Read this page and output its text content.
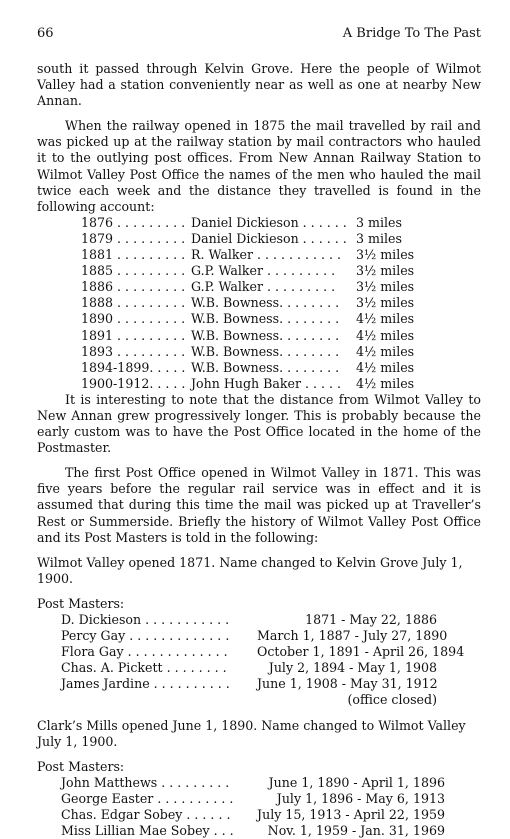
66	A Bridge To The Past

south it passed through Kelvin Grove. Here the people of Wilmot Valley had a station conveniently near as well as one at nearby New Annan.

When the railway opened in 1875 the mail travelled by rail and was picked up at the railway station by mail contractors who hauled it to the outlying post offices. From New Annan Railway Station to Wilmot Valley Post Office the names of the men who hauled the mail twice each week and the distance they travelled is found in the following account:

1876 . . . . . . . . . Daniel Dickieson . . . . . . 3 miles
1879 . . . . . . . . . Daniel Dickieson . . . . . . 3 miles
1881 . . . . . . . . . R. Walker . . . . . . . . . . .	3½ miles
1885 . . . . . . . . . G.P. Walker . . . . . . . . .	3½ miles
1886 . . . . . . . . . G.P. Walker . . . . . . . . .	3½ miles
1888 . . . . . . . . . W.B. Bowness. . . . . . . .	3½ miles
1890 . . . . . . . . . W.B. Bowness. . . . . . . .	4½ miles
1891 . . . . . . . . . W.B. Bowness. . . . . . . .	4½ miles
1893 . . . . . . . . . W.B. Bowness. . . . . . . .	4½ miles
1894-1899. . . . . W.B. Bowness. . . . . . . .	4½ miles
1900-1912. . . . . John Hugh Baker . . . . .	4½ miles

It is interesting to note that the distance from Wilmot Valley to New Annan grew progressively longer. This is probably because the early custom was to have the Post Office located in the home of the Postmaster.

The first Post Office opened in Wilmot Valley in 1871. This was five years before the regular rail service was in effect and it is assumed that during this time the mail was picked up at Traveller’s Rest or Summerside. Briefly the history of Wilmot Valley Post Office and its Post Masters is told in the following:

Wilmot Valley opened 1871. Name changed to Kelvin Grove July 1, 1900.
Post Masters:
D. Dickieson . . . . . . . . . . .	1871 - May 22, 1886
Percy Gay . . . . . . . . . . . . .	March 1, 1887 - July 27, 1890
Flora Gay . . . . . . . . . . . . .	October 1, 1891 - April 26, 1894
Chas. A. Pickett . . . . . . . .	July 2, 1894 - May 1, 1908
James Jardine . . . . . . . . . .	June 1, 1908 - May 31, 1912
(office closed)
Clark’s Mills opened June 1, 1890. Name changed to Wilmot Valley July 1, 1900.
Post Masters:
John Matthews . . . . . . . . .	June 1, 1890 - April 1, 1896
George Easter . . . . . . . . . .	July 1, 1896 - May 6, 1913
Chas. Edgar Sobey . . . . . .	July 15, 1913 - April 22, 1959
Miss Lillian Mae Sobey . . .	Nov. 1, 1959 - Jan. 31, 1969
